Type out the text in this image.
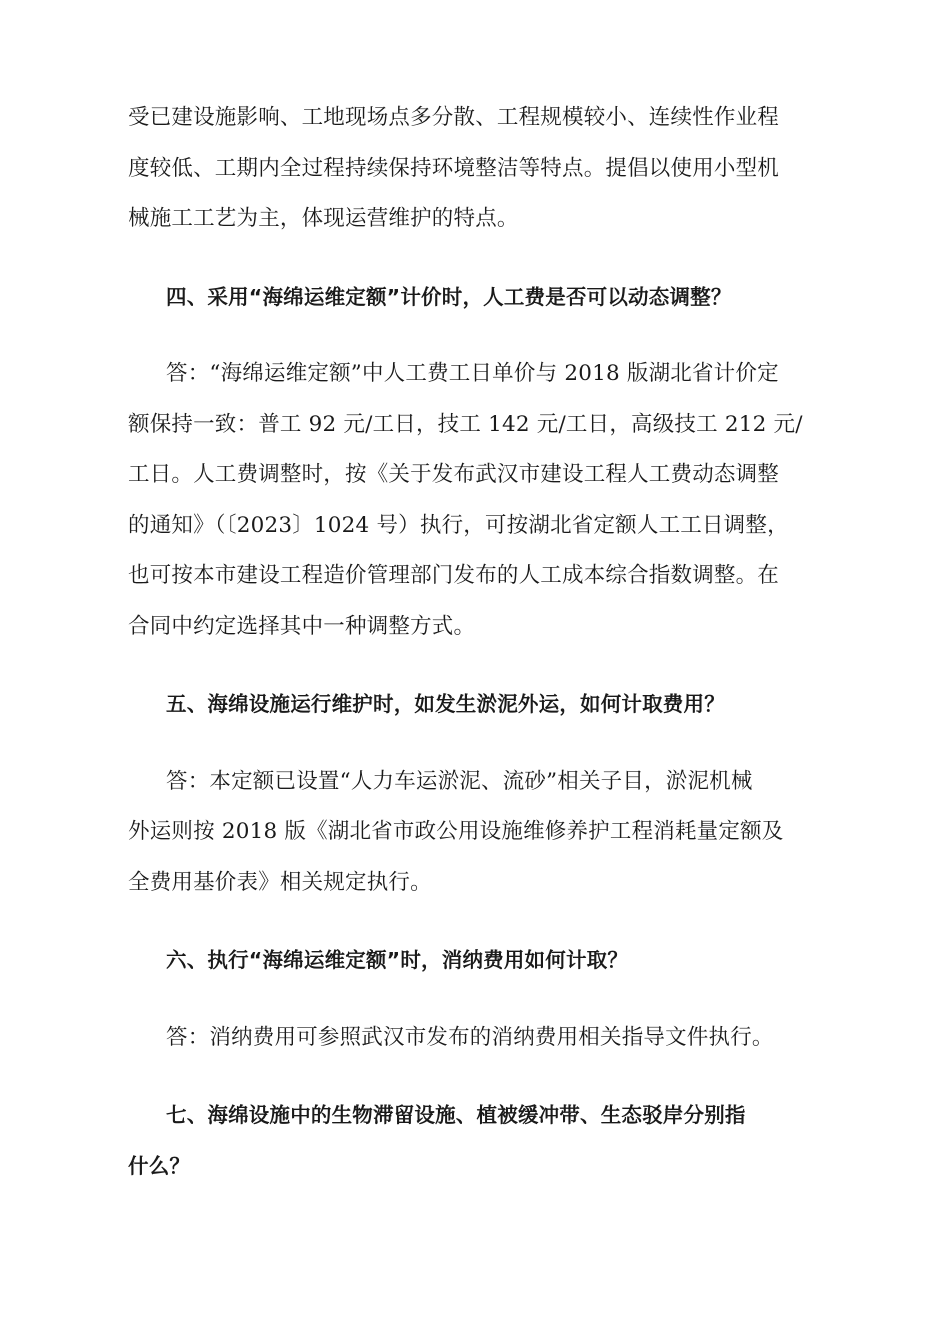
受已建设施影响、工地现场点多分散、工程规模较小、连续性作业程
度较低、工期内全过程持续保持环境整洁等特点。提倡以使用小型机
械施工工艺为主，体现运营维护的特点。
四、采用“海绵运维定额”计价时，人工费是否可以动态调整？
答：“海绵运维定额”中人工费工日单价与 2018 版湖北省计价定
额保持一致：普工 92 元/工日，技工 142 元/工日，高级技工 212 元/
工日。人工费调整时，按《关于发布武汉市建设工程人工费动态调整
的通知》（〔2023〕1024 号）执行，可按湖北省定额人工工日调整，
也可按本市建设工程造价管理部门发布的人工成本综合指数调整。在
合同中约定选择其中一种调整方式。
五、海绵设施运行维护时，如发生淤泥外运，如何计取费用？
答：本定额已设置“人力车运淤泥、流砂”相关子目，淤泥机械
外运则按 2018 版《湖北省市政公用设施维修养护工程消耗量定额及
全费用基价表》相关规定执行。
六、执行“海绵运维定额”时，消纳费用如何计取？
答：消纳费用可参照武汉市发布的消纳费用相关指导文件执行。
七、海绵设施中的生物滞留设施、植被缓冲带、生态驳岸分别指
什么？
